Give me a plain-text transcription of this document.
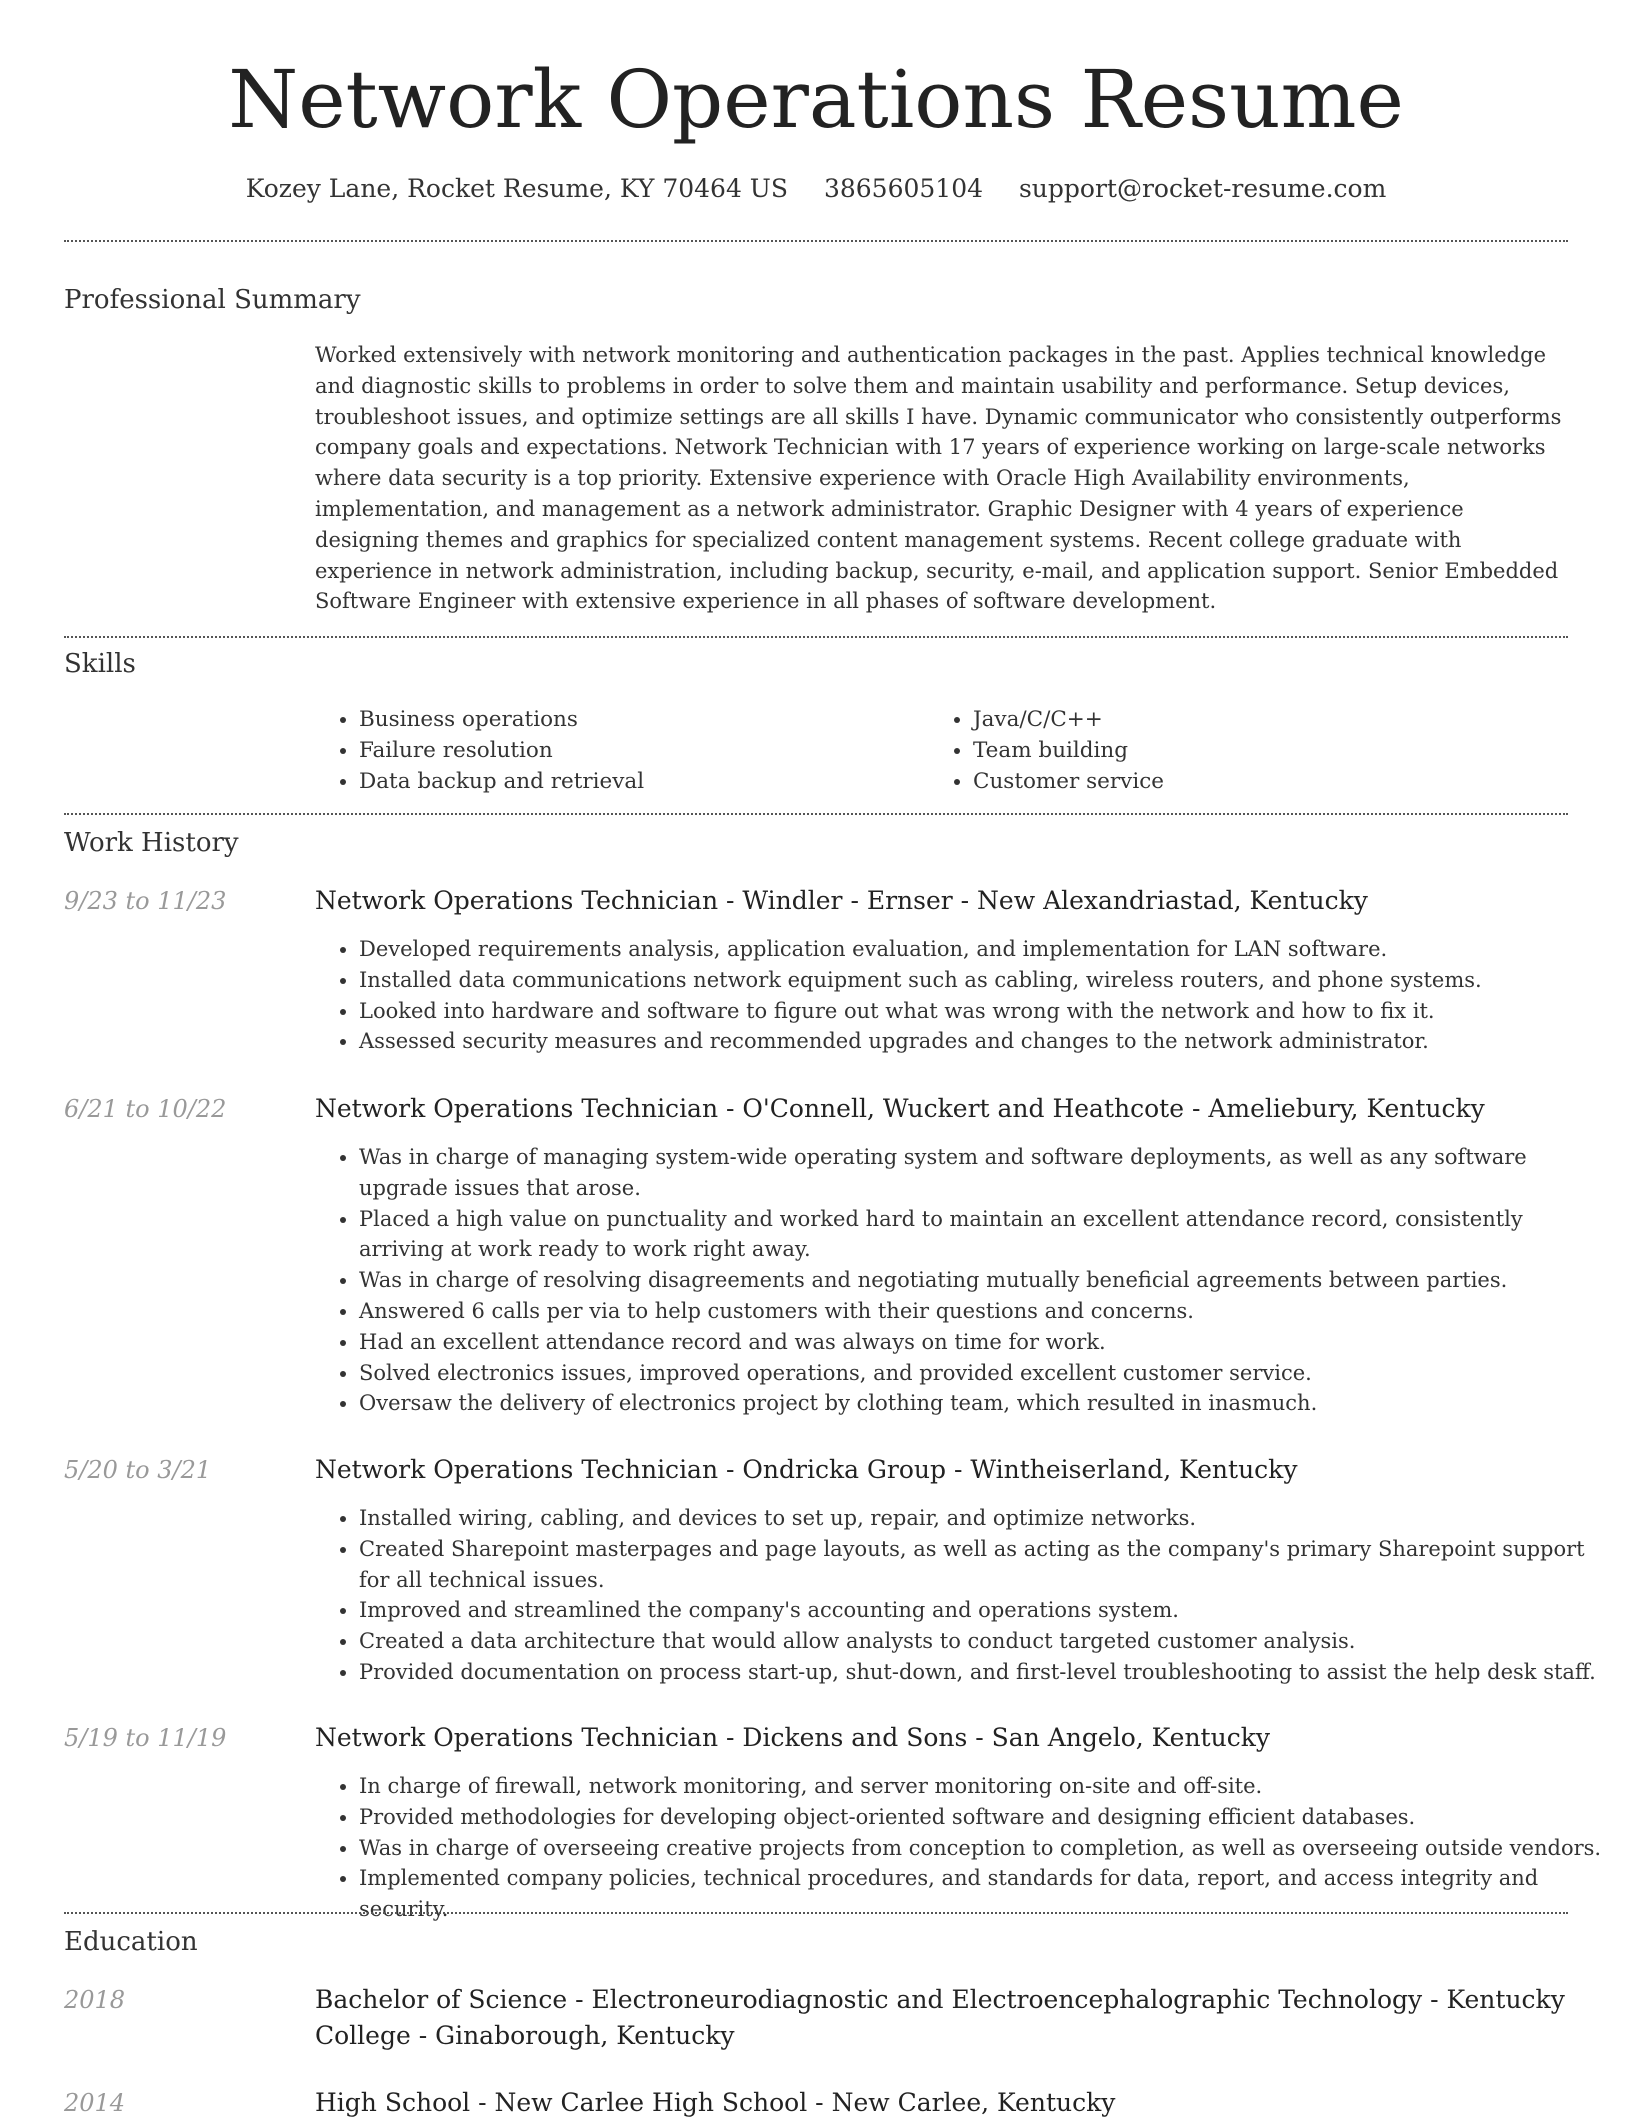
Network Operations Resume
Kozey Lane, Rocket Resume, KY 70464 US 3865605104 support@rocket-resume.com
Professional Summary

Worked extensively with network monitoring and authentication packages in the past. Applies technical knowledge and diagnostic skills to problems in order to solve them and maintain usability and performance. Setup devices, troubleshoot issues, and optimize settings are all skills I have. Dynamic communicator who consistently outperforms company goals and expectations. Network Technician with 17 years of experience working on large-scale networks where data security is a top priority. Extensive experience with Oracle High Availability environments, implementation, and management as a network administrator. Graphic Designer with 4 years of experience designing themes and graphics for specialized content management systems. Recent college graduate with experience in network administration, including backup, security, e-mail, and application support. Senior Embedded Software Engineer with extensive experience in all phases of software development.

Skills
• Business operations
• Failure resolution
• Data backup and retrieval
• Java/C/C++
• Team building
• Customer service
Work History
9/23 to 11/23	Network Operations Technician - Windler - Ernser - New Alexandriastad, Kentucky
• Developed requirements analysis, application evaluation, and implementation for LAN software.
• Installed data communications network equipment such as cabling, wireless routers, and phone systems.
• Looked into hardware and software to figure out what was wrong with the network and how to fix it.
• Assessed security measures and recommended upgrades and changes to the network administrator.
6/21 to 10/22	Network Operations Technician - O'Connell, Wuckert and Heathcote - Ameliebury, Kentucky
• Was in charge of managing system-wide operating system and software deployments, as well as any software upgrade issues that arose.
• Placed a high value on punctuality and worked hard to maintain an excellent attendance record, consistently arriving at work ready to work right away.
• Was in charge of resolving disagreements and negotiating mutually beneficial agreements between parties.
• Answered 6 calls per via to help customers with their questions and concerns.
• Had an excellent attendance record and was always on time for work.
• Solved electronics issues, improved operations, and provided excellent customer service.
• Oversaw the delivery of electronics project by clothing team, which resulted in inasmuch.
5/20 to 3/21	Network Operations Technician - Ondricka Group - Wintheiserland, Kentucky
• Installed wiring, cabling, and devices to set up, repair, and optimize networks.
• Created Sharepoint masterpages and page layouts, as well as acting as the company's primary Sharepoint support for all technical issues.
• Improved and streamlined the company's accounting and operations system.
• Created a data architecture that would allow analysts to conduct targeted customer analysis.
• Provided documentation on process start-up, shut-down, and first-level troubleshooting to assist the help desk staff.
5/19 to 11/19	Network Operations Technician - Dickens and Sons - San Angelo, Kentucky
• In charge of firewall, network monitoring, and server monitoring on-site and off-site.
• Provided methodologies for developing object-oriented software and designing efficient databases.
• Was in charge of overseeing creative projects from conception to completion, as well as overseeing outside vendors.
• Implemented company policies, technical procedures, and standards for data, report, and access integrity and security.
Education
2018	Bachelor of Science - Electroneurodiagnostic and Electroencephalographic Technology - Kentucky College - Ginaborough, Kentucky
2014	High School - New Carlee High School - New Carlee, Kentucky
